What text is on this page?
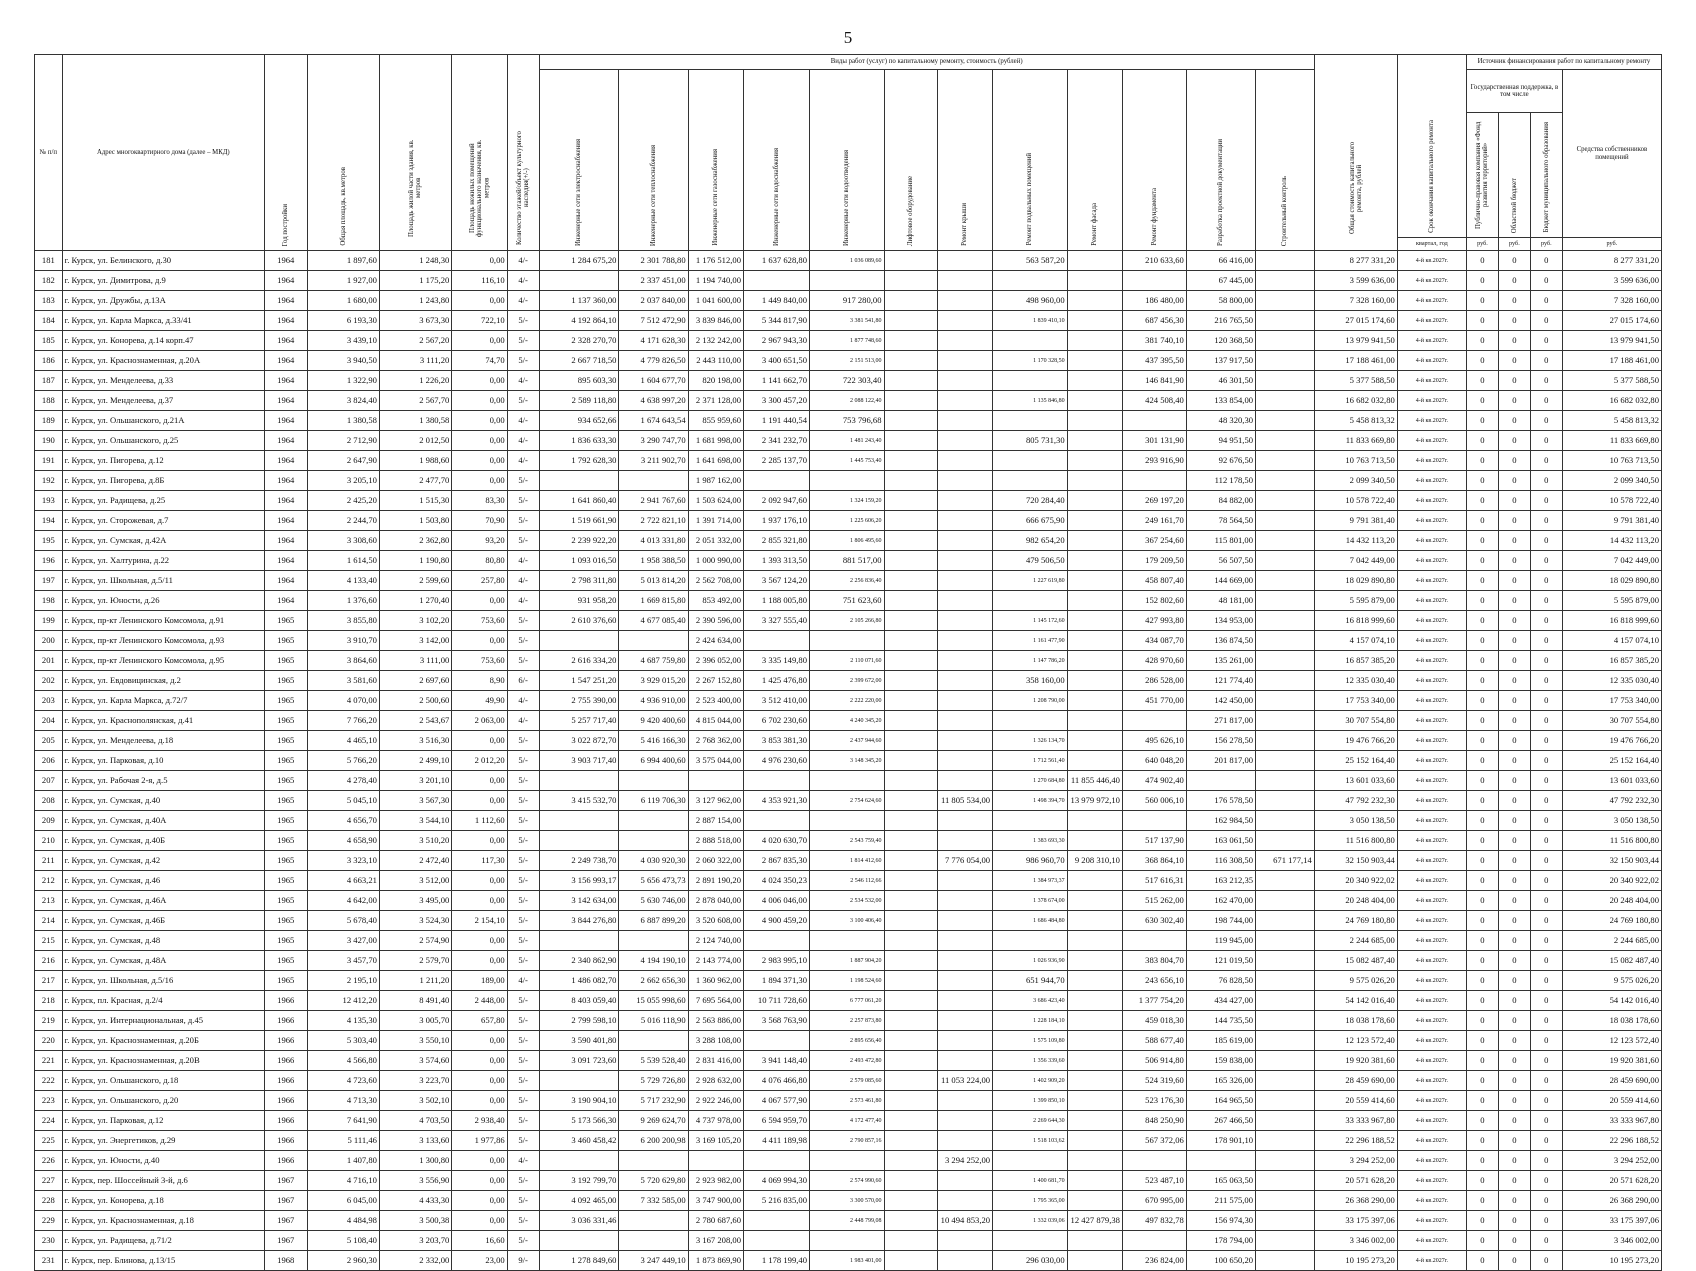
5
№ п/п	Адрес многоквартирного дома (далее – МКД)	Год постройки	Общая площадь, кв.метров	Площадь жилой части здания, кв. метров	Площадь нежилых помещений функционального назначения, кв. метров	Количество этажей/объект культурного наследия(+/-)	Виды работ (услуг) по капитальному ремонту, стоимость (рублей)												Общая стоимость капитального ремонта, рублей	Срок окончания капитального ремонта	Источник финансирования работ по капитальному ремонту			
							Инженерные сети электроснабжения	Инженерные сети теплоснабжения	Инженерные сети газоснабжения	Инженерные сети водоснабжения	Инженерные сети водоотведения	Лифтовое оборудование	Ремонт крыши	Ремонт подвальных помещений	Ремонт фасада	Ремонт фундамента	Разработка проектной документации	Строительный контроль			Государственная поддержка, в том числе			Средства собственников помещений
																					Публично-правовая компания «Фонд развития территорий»	Областной бюджет	Бюджет муниципального образования	
																				квартал, год	руб.	руб.	руб.	руб.
181	г. Курск, ул. Белинского, д.30	1964	1 897,60	1 248,30	0,00	4/-	1 284 675,20	2 301 788,80	1 176 512,00	1 637 628,80	1 036 089,60			563 587,20		210 633,60	66 416,00		8 277 331,20	4-й кв.2027г.	0	0	0	8 277 331,20
182	г. Курск, ул. Димитрова, д.9	1964	1 927,00	1 175,20	116,10	4/-		2 337 451,00	1 194 740,00								67 445,00		3 599 636,00	4-й кв.2027г.	0	0	0	3 599 636,00
183	г. Курск, ул. Дружбы, д.13А	1964	1 680,00	1 243,80	0,00	4/-	1 137 360,00	2 037 840,00	1 041 600,00	1 449 840,00	917 280,00			498 960,00		186 480,00	58 800,00		7 328 160,00	4-й кв.2027г.	0	0	0	7 328 160,00
184	г. Курск, ул. Карла Маркса, д.33/41	1964	6 193,30	3 673,30	722,10	5/-	4 192 864,10	7 512 472,90	3 839 846,00	5 344 817,90	3 381 541,80			1 839 410,10		687 456,30	216 765,50		27 015 174,60	4-й кв.2027г.	0	0	0	27 015 174,60
185	г. Курск, ул. Конорева, д.14 корп.47	1964	3 439,10	2 567,20	0,00	5/-	2 328 270,70	4 171 628,30	2 132 242,00	2 967 943,30	1 877 748,60					381 740,10	120 368,50		13 979 941,50	4-й кв.2027г.	0	0	0	13 979 941,50
186	г. Курск, ул. Краснознаменная, д.20А	1964	3 940,50	3 111,20	74,70	5/-	2 667 718,50	4 779 826,50	2 443 110,00	3 400 651,50	2 151 513,00			1 170 328,50		437 395,50	137 917,50		17 188 461,00	4-й кв.2027г.	0	0	0	17 188 461,00
187	г. Курск, ул. Менделеева, д.33	1964	1 322,90	1 226,20	0,00	4/-	895 603,30	1 604 677,70	820 198,00	1 141 662,70	722 303,40					146 841,90	46 301,50		5 377 588,50	4-й кв.2027г.	0	0	0	5 377 588,50
188	г. Курск, ул. Менделеева, д.37	1964	3 824,40	2 567,70	0,00	5/-	2 589 118,80	4 638 997,20	2 371 128,00	3 300 457,20	2 088 122,40			1 135 846,80		424 508,40	133 854,00		16 682 032,80	4-й кв.2027г.	0	0	0	16 682 032,80
189	г. Курск, ул. Ольшанского, д.21А	1964	1 380,58	1 380,58	0,00	4/-	934 652,66	1 674 643,54	855 959,60	1 191 440,54	753 796,68						48 320,30		5 458 813,32	4-й кв.2027г.	0	0	0	5 458 813,32
190	г. Курск, ул. Ольшанского, д.25	1964	2 712,90	2 012,50	0,00	4/-	1 836 633,30	3 290 747,70	1 681 998,00	2 341 232,70	1 481 243,40			805 731,30		301 131,90	94 951,50		11 833 669,80	4-й кв.2027г.	0	0	0	11 833 669,80
191	г. Курск, ул. Пигорева, д.12	1964	2 647,90	1 988,60	0,00	4/-	1 792 628,30	3 211 902,70	1 641 698,00	2 285 137,70	1 445 753,40					293 916,90	92 676,50		10 763 713,50	4-й кв.2027г.	0	0	0	10 763 713,50
192	г. Курск, ул. Пигорева, д.8Б	1964	3 205,10	2 477,70	0,00	5/-			1 987 162,00								112 178,50		2 099 340,50	4-й кв.2027г.	0	0	0	2 099 340,50
193	г. Курск, ул. Радищева, д.25	1964	2 425,20	1 515,30	83,30	5/-	1 641 860,40	2 941 767,60	1 503 624,00	2 092 947,60	1 324 159,20			720 284,40		269 197,20	84 882,00		10 578 722,40	4-й кв.2027г.	0	0	0	10 578 722,40
194	г. Курск, ул. Сторожевая, д.7	1964	2 244,70	1 503,80	70,90	5/-	1 519 661,90	2 722 821,10	1 391 714,00	1 937 176,10	1 225 606,20			666 675,90		249 161,70	78 564,50		9 791 381,40	4-й кв.2027г.	0	0	0	9 791 381,40
195	г. Курск, ул. Сумская, д.42А	1964	3 308,60	2 362,80	93,20	5/-	2 239 922,20	4 013 331,80	2 051 332,00	2 855 321,80	1 806 495,60			982 654,20		367 254,60	115 801,00		14 432 113,20	4-й кв.2027г.	0	0	0	14 432 113,20
196	г. Курск, ул. Халтурина, д.22	1964	1 614,50	1 190,80	80,80	4/-	1 093 016,50	1 958 388,50	1 000 990,00	1 393 313,50	881 517,00			479 506,50		179 209,50	56 507,50		7 042 449,00	4-й кв.2027г.	0	0	0	7 042 449,00
197	г. Курск, ул. Школьная, д.5/11	1964	4 133,40	2 599,60	257,80	4/-	2 798 311,80	5 013 814,20	2 562 708,00	3 567 124,20	2 256 836,40			1 227 619,80		458 807,40	144 669,00		18 029 890,80	4-й кв.2027г.	0	0	0	18 029 890,80
198	г. Курск, ул. Юности, д.26	1964	1 376,60	1 270,40	0,00	4/-	931 958,20	1 669 815,80	853 492,00	1 188 005,80	751 623,60					152 802,60	48 181,00		5 595 879,00	4-й кв.2027г.	0	0	0	5 595 879,00
199	г. Курск, пр-кт Ленинского Комсомола, д.91	1965	3 855,80	3 102,20	753,60	5/-	2 610 376,60	4 677 085,40	2 390 596,00	3 327 555,40	2 105 266,80			1 145 172,60		427 993,80	134 953,00		16 818 999,60	4-й кв.2027г.	0	0	0	16 818 999,60
200	г. Курск, пр-кт Ленинского Комсомола, д.93	1965	3 910,70	3 142,00	0,00	5/-			2 424 634,00					1 161 477,90		434 087,70	136 874,50		4 157 074,10	4-й кв.2027г.	0	0	0	4 157 074,10
201	г. Курск, пр-кт Ленинского Комсомола, д.95	1965	3 864,60	3 111,00	753,60	5/-	2 616 334,20	4 687 759,80	2 396 052,00	3 335 149,80	2 110 071,60			1 147 786,20		428 970,60	135 261,00		16 857 385,20	4-й кв.2027г.	0	0	0	16 857 385,20
202	г. Курск, ул. Евдовицинская, д.2	1965	3 581,60	2 697,60	8,90	6/-	1 547 251,20	3 929 015,20	2 267 152,80	1 425 476,80	2 399 672,00			358 160,00		286 528,00	121 774,40		12 335 030,40	4-й кв.2027г.	0	0	0	12 335 030,40
203	г. Курск, ул. Карла Маркса, д.72/7	1965	4 070,00	2 500,60	49,90	4/-	2 755 390,00	4 936 910,00	2 523 400,00	3 512 410,00	2 222 220,00			1 208 790,00		451 770,00	142 450,00		17 753 340,00	4-й кв.2027г.	0	0	0	17 753 340,00
204	г. Курск, ул. Краснополянская, д.41	1965	7 766,20	2 543,67	2 063,00	4/-	5 257 717,40	9 420 400,60	4 815 044,00	6 702 230,60	4 240 345,20						271 817,00		30 707 554,80	4-й кв.2027г.	0	0	0	30 707 554,80
205	г. Курск, ул. Менделеева, д.18	1965	4 465,10	3 516,30	0,00	5/-	3 022 872,70	5 416 166,30	2 768 362,00	3 853 381,30	2 437 944,60			1 326 134,70		495 626,10	156 278,50		19 476 766,20	4-й кв.2027г.	0	0	0	19 476 766,20
206	г. Курск, ул. Парковая, д.10	1965	5 766,20	2 499,10	2 012,20	5/-	3 903 717,40	6 994 400,60	3 575 044,00	4 976 230,60	3 148 345,20			1 712 561,40		640 048,20	201 817,00		25 152 164,40	4-й кв.2027г.	0	0	0	25 152 164,40
207	г. Курск, ул. Рабочая 2-я, д.5	1965	4 278,40	3 201,10	0,00	5/-								1 270 684,80	11 855 446,40	474 902,40			13 601 033,60	4-й кв.2027г.	0	0	0	13 601 033,60
208	г. Курск, ул. Сумская, д.40	1965	5 045,10	3 567,30	0,00	5/-	3 415 532,70	6 119 706,30	3 127 962,00	4 353 921,30	2 754 624,60		11 805 534,00	1 498 394,70	13 979 972,10	560 006,10	176 578,50		47 792 232,30	4-й кв.2027г.	0	0	0	47 792 232,30
209	г. Курск, ул. Сумская, д.40А	1965	4 656,70	3 544,10	1 112,60	5/-			2 887 154,00								162 984,50		3 050 138,50	4-й кв.2027г.	0	0	0	3 050 138,50
210	г. Курск, ул. Сумская, д.40Б	1965	4 658,90	3 510,20	0,00	5/-			2 888 518,00	4 020 630,70	2 543 759,40			1 383 693,30		517 137,90	163 061,50		11 516 800,80	4-й кв.2027г.	0	0	0	11 516 800,80
211	г. Курск, ул. Сумская, д.42	1965	3 323,10	2 472,40	117,30	5/-	2 249 738,70	4 030 920,30	2 060 322,00	2 867 835,30	1 814 412,60		7 776 054,00	986 960,70	9 208 310,10	368 864,10	116 308,50	671 177,14	32 150 903,44	4-й кв.2027г.	0	0	0	32 150 903,44
212	г. Курск, ул. Сумская, д.46	1965	4 663,21	3 512,00	0,00	5/-	3 156 993,17	5 656 473,73	2 891 190,20	4 024 350,23	2 546 112,66			1 384 973,37		517 616,31	163 212,35		20 340 922,02	4-й кв.2027г.	0	0	0	20 340 922,02
213	г. Курск, ул. Сумская, д.46А	1965	4 642,00	3 495,00	0,00	5/-	3 142 634,00	5 630 746,00	2 878 040,00	4 006 046,00	2 534 532,00			1 378 674,00		515 262,00	162 470,00		20 248 404,00	4-й кв.2027г.	0	0	0	20 248 404,00
214	г. Курск, ул. Сумская, д.46Б	1965	5 678,40	3 524,30	2 154,10	5/-	3 844 276,80	6 887 899,20	3 520 608,00	4 900 459,20	3 100 406,40			1 686 484,80		630 302,40	198 744,00		24 769 180,80	4-й кв.2027г.	0	0	0	24 769 180,80
215	г. Курск, ул. Сумская, д.48	1965	3 427,00	2 574,90	0,00	5/-			2 124 740,00								119 945,00		2 244 685,00	4-й кв.2027г.	0	0	0	2 244 685,00
216	г. Курск, ул. Сумская, д.48А	1965	3 457,70	2 579,70	0,00	5/-	2 340 862,90	4 194 190,10	2 143 774,00	2 983 995,10	1 887 904,20			1 026 936,90		383 804,70	121 019,50		15 082 487,40	4-й кв.2027г.	0	0	0	15 082 487,40
217	г. Курск, ул. Школьная, д.5/16	1965	2 195,10	1 211,20	189,00	4/-	1 486 082,70	2 662 656,30	1 360 962,00	1 894 371,30	1 198 524,60			651 944,70		243 656,10	76 828,50		9 575 026,20	4-й кв.2027г.	0	0	0	9 575 026,20
218	г. Курск, пл. Красная, д.2/4	1966	12 412,20	8 491,40	2 448,00	5/-	8 403 059,40	15 055 998,60	7 695 564,00	10 711 728,60	6 777 061,20			3 686 423,40		1 377 754,20	434 427,00		54 142 016,40	4-й кв.2027г.	0	0	0	54 142 016,40
219	г. Курск, ул. Интернациональная, д.45	1966	4 135,30	3 005,70	657,80	5/-	2 799 598,10	5 016 118,90	2 563 886,00	3 568 763,90	2 257 873,80			1 228 184,10		459 018,30	144 735,50		18 038 178,60	4-й кв.2027г.	0	0	0	18 038 178,60
220	г. Курск, ул. Краснознаменная, д.20Б	1966	5 303,40	3 550,10	0,00	5/-	3 590 401,80		3 288 108,00		2 895 656,40			1 575 109,80		588 677,40	185 619,00		12 123 572,40	4-й кв.2027г.	0	0	0	12 123 572,40
221	г. Курск, ул. Краснознаменная, д.20В	1966	4 566,80	3 574,60	0,00	5/-	3 091 723,60	5 539 528,40	2 831 416,00	3 941 148,40	2 493 472,80			1 356 339,60		506 914,80	159 838,00		19 920 381,60	4-й кв.2027г.	0	0	0	19 920 381,60
222	г. Курск, ул. Ольшанского, д.18	1966	4 723,60	3 223,70	0,00	5/-		5 729 726,80	2 928 632,00	4 076 466,80	2 579 085,60		11 053 224,00	1 402 909,20		524 319,60	165 326,00		28 459 690,00	4-й кв.2027г.	0	0	0	28 459 690,00
223	г. Курск, ул. Ольшанского, д.20	1966	4 713,30	3 502,10	0,00	5/-	3 190 904,10	5 717 232,90	2 922 246,00	4 067 577,90	2 573 461,80			1 399 850,10		523 176,30	164 965,50		20 559 414,60	4-й кв.2027г.	0	0	0	20 559 414,60
224	г. Курск, ул. Парковая, д.12	1966	7 641,90	4 703,50	2 938,40	5/-	5 173 566,30	9 269 624,70	4 737 978,00	6 594 959,70	4 172 477,40			2 269 644,30		848 250,90	267 466,50		33 333 967,80	4-й кв.2027г.	0	0	0	33 333 967,80
225	г. Курск, ул. Энергетиков, д.29	1966	5 111,46	3 133,60	1 977,86	5/-	3 460 458,42	6 200 200,98	3 169 105,20	4 411 189,98	2 790 857,16			1 518 103,62		567 372,06	178 901,10		22 296 188,52	4-й кв.2027г.	0	0	0	22 296 188,52
226	г. Курск, ул. Юности, д.40	1966	1 407,80	1 300,80	0,00	4/-							3 294 252,00						3 294 252,00	4-й кв.2027г.	0	0	0	3 294 252,00
227	г. Курск, пер. Шоссейный 3-й, д.6	1967	4 716,10	3 556,90	0,00	5/-	3 192 799,70	5 720 629,80	2 923 982,00	4 069 994,30	2 574 990,60			1 400 681,70		523 487,10	165 063,50		20 571 628,20	4-й кв.2027г.	0	0	0	20 571 628,20
228	г. Курск, ул. Конорева, д.18	1967	6 045,00	4 433,30	0,00	5/-	4 092 465,00	7 332 585,00	3 747 900,00	5 216 835,00	3 300 570,00			1 795 365,00		670 995,00	211 575,00		26 368 290,00	4-й кв.2027г.	0	0	0	26 368 290,00
229	г. Курск, ул. Краснознаменная, д.18	1967	4 484,98	3 500,38	0,00	5/-	3 036 331,46		2 780 687,60		2 448 799,08		10 494 853,20	1 332 039,06	12 427 879,38	497 832,78	156 974,30		33 175 397,06	4-й кв.2027г.	0	0	0	33 175 397,06
230	г. Курск, ул. Радищева, д.71/2	1967	5 108,40	3 203,70	16,60	5/-			3 167 208,00								178 794,00		3 346 002,00	4-й кв.2027г.	0	0	0	3 346 002,00
231	г. Курск, пер. Блинова, д.13/15	1968	2 960,30	2 332,00	23,00	9/-	1 278 849,60	3 247 449,10	1 873 869,90	1 178 199,40	1 983 401,00			296 030,00		236 824,00	100 650,20		10 195 273,20	4-й кв.2027г.	0	0	0	10 195 273,20
